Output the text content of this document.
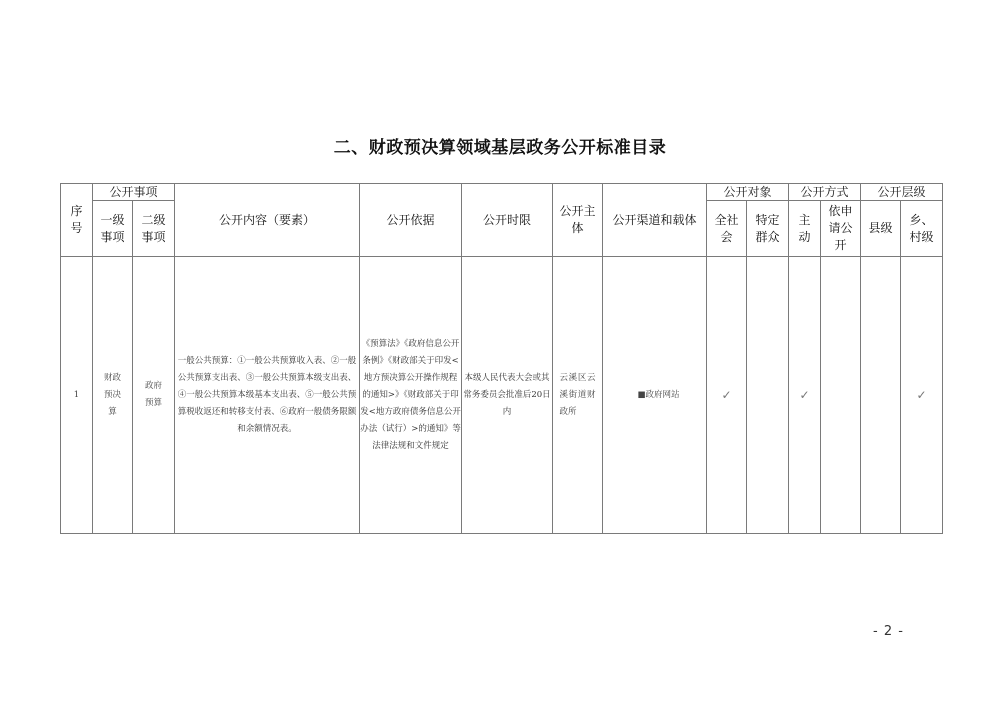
二、财政预决算领域基层政务公开标准目录
序号	公开事项		公开内容（要素）	公开依据	公开时限	公开主体	公开渠道和载体	公开对象		公开方式		公开层级	

	一级事项	二级事项						全社会	特定群众	主动	依申请公开	县级	乡、村级

1	财政预决算	政府预算	一般公共预算：①一般公共预算收入表、②一般公共预算支出表、③一般公共预算本级支出表、④一般公共预算本级基本支出表、⑤一般公共预算税收返还和转移支付表、⑥政府一般债务限额和余额情况表。	《预算法》《政府信息公开条例》《财政部关于印发<地方预决算公开操作规程的通知>》《财政部关于印发<地方政府债务信息公开办法（试行）>的通知》等法律法规和文件规定	本级人民代表大会或其常务委员会批准后20日内	云溪区云溪街道财政所	■政府网站	✓		✓			✓
- 2 -
